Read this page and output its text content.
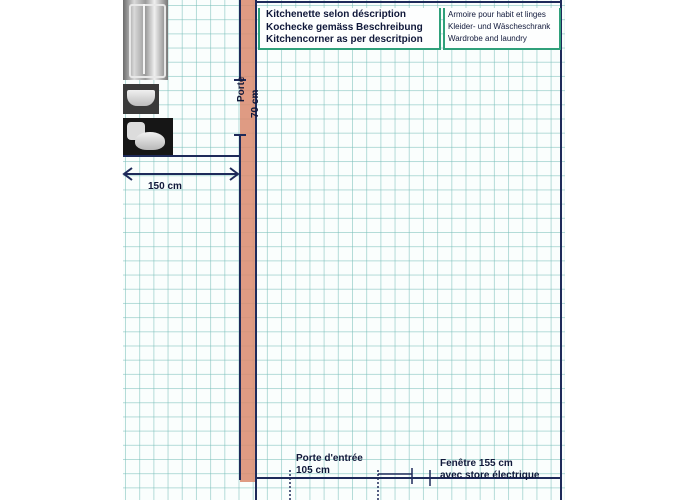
Porte
70 cm
Kitchenette selon déscription
Kochecke gemäss Beschreibung
Kitchencorner as per descritpion
Armoire pour habit et linges
Kleider- und Wäscheschrank
Wardrobe and laundry
150 cm
Porte d'entrée
105 cm
Fenêtre 155 cm
avec store électrique
